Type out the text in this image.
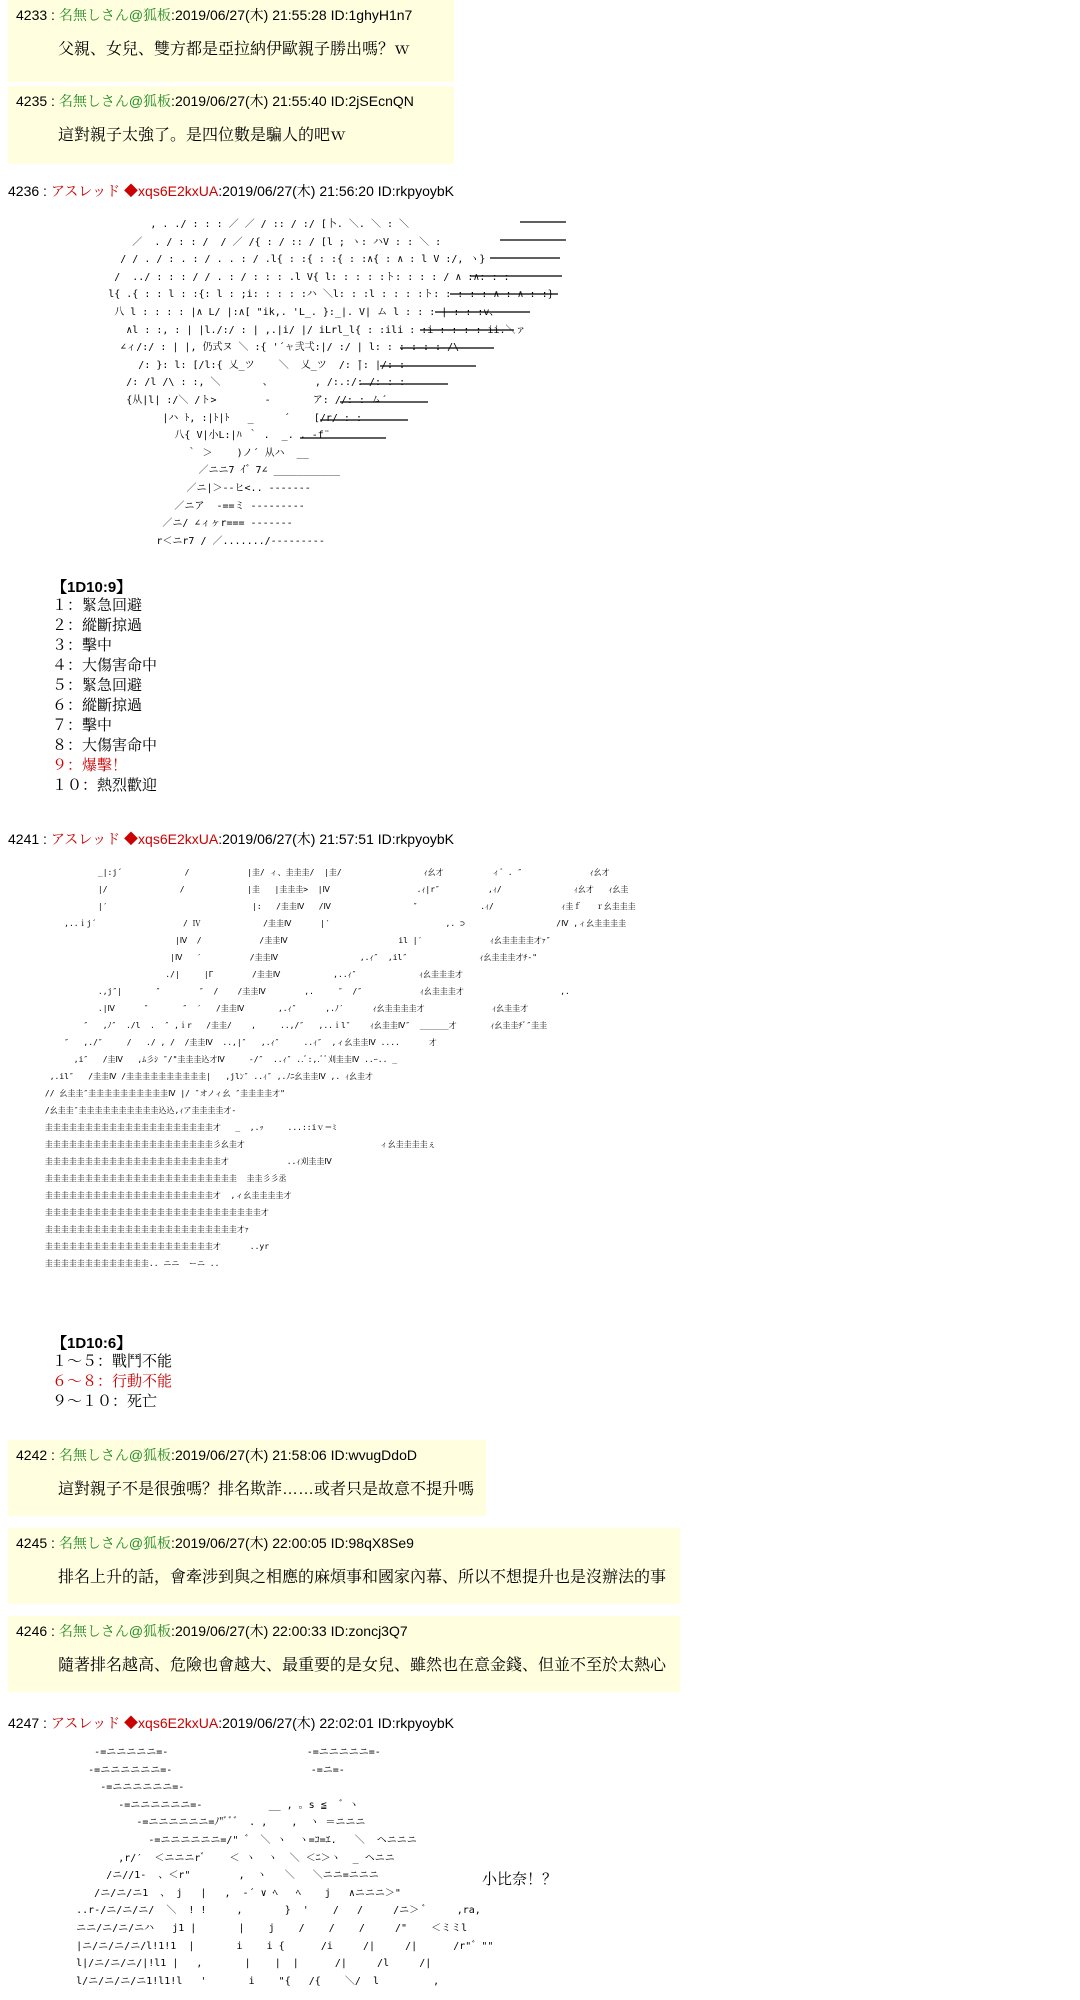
4233 : 名無しさん@狐板:2019/06/27(木) 21:55:28 ID:1ghyH1n7
父親、女兒、雙方都是亞拉納伊歐親子勝出嗎？ｗ
4235 : 名無しさん@狐板:2019/06/27(木) 21:55:40 ID:2jSEcnQN
這對親子太強了。是四位數是騙人的吧ｗ
4236 : アスレッド ◆xqs6E2kxUA:2019/06/27(木) 21:56:20 ID:rkpyoybK
, . ./ : : : ／ ／ / :: / :/ [卜. ＼. ＼ : ＼
／  . / : : /  / ／ /{ : / :: / [l ; ヽ: ハV : : ＼ :
/ / . / : . : / . . : / .l{ : :{ : :{ : :∧{ : ∧ : l V :/, ヽ}
/  ../ : : : / / . : / : : : .l V{ l: : : : :ト: : : : / ∧ :∧: : :
l{ .{ : : l : :{: l : ;i: : : : :ハ ＼l: : :l : : : :ト: : : : : ∧ : ∧ : :}
八 l : : : : |∧ L/ |:∧[ "ik,. 'L_. }:_|. V| ム l : : :    :v、
∧l : :, : | |l./:/ : | ,.|i/ |/ iLrl_l{ : :ili : :i : : : : ii.＼ァ
∠ィ/:/ : | |, 仍式ヌ ＼ :{ '´ャ弐弌:|/ :/ | l: :     /\
/: }: l: [/l:{ 乂_ツ    ＼  乂_ツ  /: ̄|: |/: :
/: /l /\ : :, ＼       、       , /:.:/: /: : :
{从|l| :/＼ /ト>        ‐       ア: //: : ム´
|ハ ﾄ, :|ﾄ|ﾄ   _     ´    [/r/ : :
八{ V|小L:|ﾊ ｀ .  _. . -f¨
｀ ＞    )ノ´ 从ハ  __
／ニニ7 ｲ゛7∠ ___________
／ニ|＞--ヒ<.. -------
／ニア  -==ミ ---------
／ニ/ ∠ィヶr=== -------
r＜ニr7 / ／......./---------
【1D10:9】
１：緊急回避
２：縱斷掠過
３：擊中
４：大傷害命中
５：緊急回避
６：縱斷掠過
７：擊中
８：大傷害命中
９：爆擊！
１０：熱烈歡迎
4241 : アスレッド ◆xqs6E2kxUA:2019/06/27(木) 21:57:51 ID:rkpyoybK
_|:j´             /            |圭/ ィ、圭圭圭/  |圭/                 ｨ幺才          ィ゛. ″              ｨ幺才
|/               /             |圭   |圭圭圭>  |Ⅳ                  .ｨ|r″          ,ｨ/               ｨ幺才   ｨ幺圭
|′                              |:   /圭圭Ⅳ   /Ⅳ                 ″             .ｨ/              ｨ圭ｆ   ｒ幺圭圭圭
,..ｉj´                  / Ⅳ             /圭圭Ⅳ      |′                        ,. ⊃                   /Ⅳ ,ィ幺圭圭圭圭
|Ⅳ  /            /圭圭Ⅳ                       il |′              ｨ幺圭圭圭圭才ｧ″
|Ⅳ   ′          /圭圭Ⅳ                 ,.ｨ″  ,il″               ｨ幺圭圭圭才ﾁ‐"
./|     |Γ        /圭圭Ⅳ           ,..ｨ″             ｨ幺圭圭圭才
.,j″|       ″        ″  /    /圭圭Ⅳ        ,.     ″  /″            ｨ幺圭圭圭才                    ,.
.|Ⅳ      ″       ″  ′   /圭圭Ⅳ       ,.ｨ″      ,.ﾉ′      ｨ幺圭圭圭圭才              ｨ幺圭圭才
″   ,ﾉ″  ./l  .  ″ ,ｉr   /圭圭/    ,     ..,/″   ,..ｉl″    ｨ幺圭圭Ⅳ″  ______才       ｨ幺圭圭ﾁﾞ″圭圭
″   ,./″     /   ./ , /  /圭圭Ⅳ  ..,|″   ,.ｨ″     ..ｨ″  ,ィ幺圭圭Ⅳ ....      才
,i″   /圭Ⅳ   ,ﾑ彡ｼ ″/"圭圭圭込才Ⅳ     -/″  ..ｨ″ ..ﾞ:,.ﾞﾞ刈圭圭Ⅳ ..ｰ.. _
,.il″   /圭圭Ⅳ /圭圭圭圭圭圭圭圭圭圭|   ,jlﾝ″ ..ｨ″ ,.ﾉﾆ幺圭圭Ⅳ ,. ｨ幺圭才
// 幺圭圭″圭圭圭圭圭圭圭圭圭圭Ⅳ |/ ″オノィ幺 ″圭圭圭圭才"
/幺圭圭″圭圭圭圭圭圭圭圭圭圭込込,ｨア圭圭圭圭才-
圭圭圭圭圭圭圭圭圭圭圭圭圭圭圭圭圭圭圭圭圭才   _  ,.ｯ     ...::iｖ＝ﾐ
圭圭圭圭圭圭圭圭圭圭圭圭圭圭圭圭圭圭圭圭圭彡幺圭才                            ィ幺圭圭圭圭ぇ
圭圭圭圭圭圭圭圭圭圭圭圭圭圭圭圭圭圭圭圭圭圭才            ..ｨ刈圭圭Ⅳ
圭圭圭圭圭圭圭圭圭圭圭圭圭圭圭圭圭圭圭圭圭圭圭圭  圭圭彡彡丞
圭圭圭圭圭圭圭圭圭圭圭圭圭圭圭圭圭圭圭圭圭才  ,ィ幺圭圭圭圭才
圭圭圭圭圭圭圭圭圭圭圭圭圭圭圭圭圭圭圭圭圭圭圭圭圭圭圭才
圭圭圭圭圭圭圭圭圭圭圭圭圭圭圭圭圭圭圭圭圭圭圭圭才ｧ
圭圭圭圭圭圭圭圭圭圭圭圭圭圭圭圭圭圭圭圭圭才      ..yr
圭圭圭圭圭圭圭圭圭圭圭圭圭.. ニニ  ーニ ..
【1D10:6】
１～５：戰鬥不能
６～８：行動不能
９～１０：死亡
4242 : 名無しさん@狐板:2019/06/27(木) 21:58:06 ID:wvugDdoD
這對親子不是很強嗎？排名欺詐……或者只是故意不提升嗎
4245 : 名無しさん@狐板:2019/06/27(木) 22:00:05 ID:98qX8Se9
排名上升的話，會牽涉到與之相應的麻煩事和國家內幕、所以不想提升也是沒辦法的事
4246 : 名無しさん@狐板:2019/06/27(木) 22:00:33 ID:zoncj3Q7
隨著排名越高、危險也會越大、最重要的是女兒、雖然也在意金錢、但並不至於太熱心
4247 : アスレッド ◆xqs6E2kxUA:2019/06/27(木) 22:02:01 ID:rkpyoybK
-=ニニニニニ=-                       -=ニニニニニ=-
-=ニニニニニニ=-                       -=ニ=-
-=ニニニニニニ=-
-=ニニニニニニ=-           __ , 。s ≦  ゛ヽ
-=ニニニニニニ=ﾉ"ﾞﾞ゛ . ,    ,  ヽ ＝ニニニ
-=ニニニニニニ=/" ゛ ＼ ヽ  ヽ=ｺ=ｴ.   ＼  ヘニニニ
,r/′  ＜ニニニrﾞ    ＜ ヽ  ヽ  ＼ ＜ﾆ＞ヽ  _ ヘニニ
/ニ//1-  、＜r"        ,  ヽ   ＼   ＼ニニ=ニニニ
/ニ/ニ/ニ1  、 j   |   ,  -´ ∨ ﾍ   ﾍ    j   ∧ニニニ＞"
..r-/ニ/ニ/ニ/  ＼  ! !     ,       }  '    /   /     /ニ＞ ﾞ     ,ra,
ニニ/ニ/ニ/ニハ   j1 |       |    j    /    /    /     /"    ＜ミミl
|ニ/ニ/ニ/ニ/l!1!1  |       i    i {      /i     /|     /|      /r"゛""
l|/ニ/ニ/ニ/|!l1 |   ,       |    |  |      /|     /l     /|
l/ニ/ニ/ニ/ニ1!l1!l   '       i    "{   /{    ＼/  l         ,
小比奈！？
